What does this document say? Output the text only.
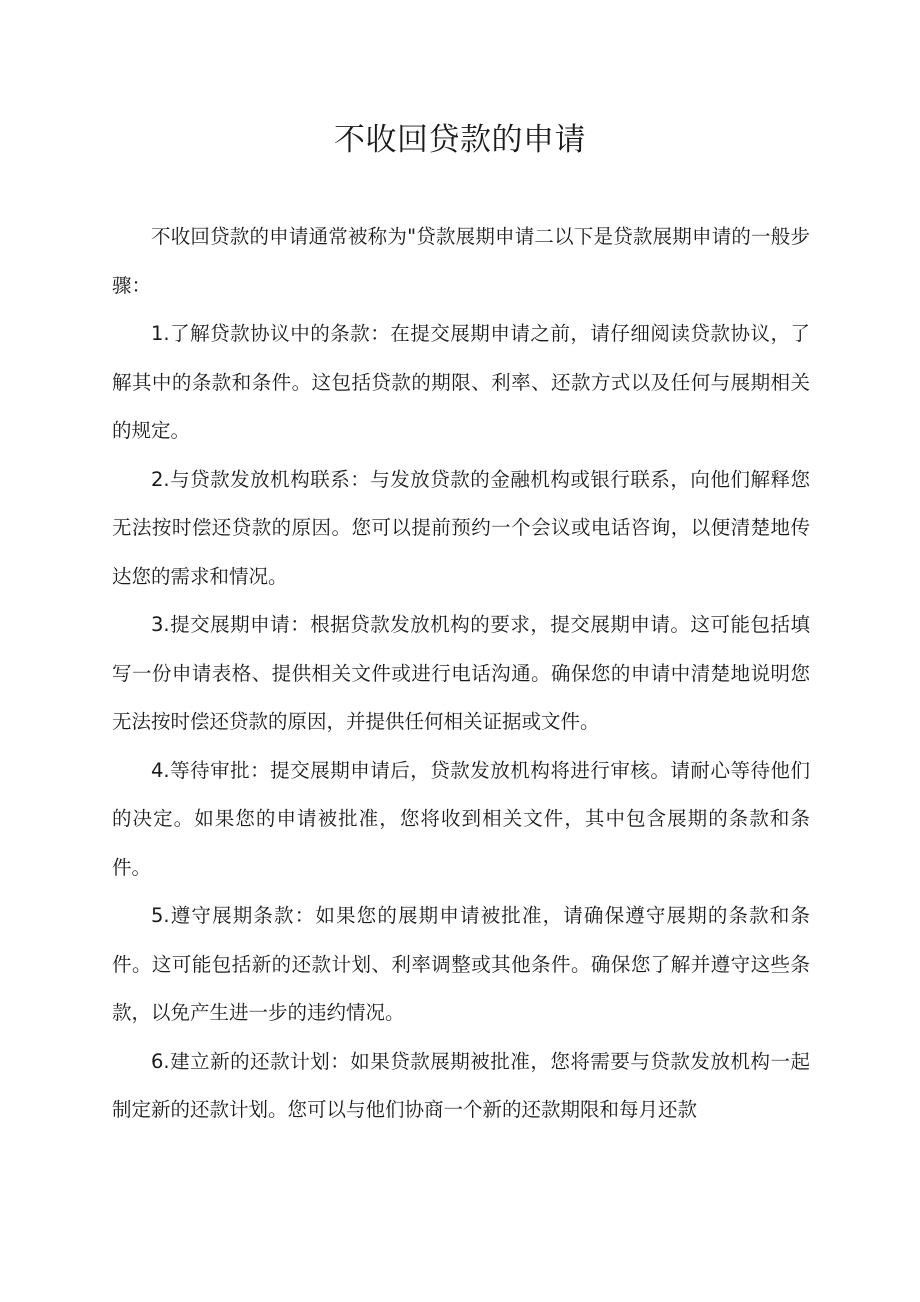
不收回贷款的申请

不收回贷款的申请通常被称为"贷款展期申请二以下是贷款展期申请的一般步骤：

1.了解贷款协议中的条款：在提交展期申请之前，请仔细阅读贷款协议，了解其中的条款和条件。这包括贷款的期限、利率、还款方式以及任何与展期相关的规定。

2.与贷款发放机构联系：与发放贷款的金融机构或银行联系，向他们解释您无法按时偿还贷款的原因。您可以提前预约一个会议或电话咨询，以便清楚地传达您的需求和情况。

3.提交展期申请：根据贷款发放机构的要求，提交展期申请。这可能包括填写一份申请表格、提供相关文件或进行电话沟通。确保您的申请中清楚地说明您无法按时偿还贷款的原因，并提供任何相关证据或文件。

4.等待审批：提交展期申请后，贷款发放机构将进行审核。请耐心等待他们的决定。如果您的申请被批准，您将收到相关文件，其中包含展期的条款和条件。

5.遵守展期条款：如果您的展期申请被批准，请确保遵守展期的条款和条件。这可能包括新的还款计划、利率调整或其他条件。确保您了解并遵守这些条款，以免产生进一步的违约情况。

6.建立新的还款计划：如果贷款展期被批准，您将需要与贷款发放机构一起制定新的还款计划。您可以与他们协商一个新的还款期限和每月还款
